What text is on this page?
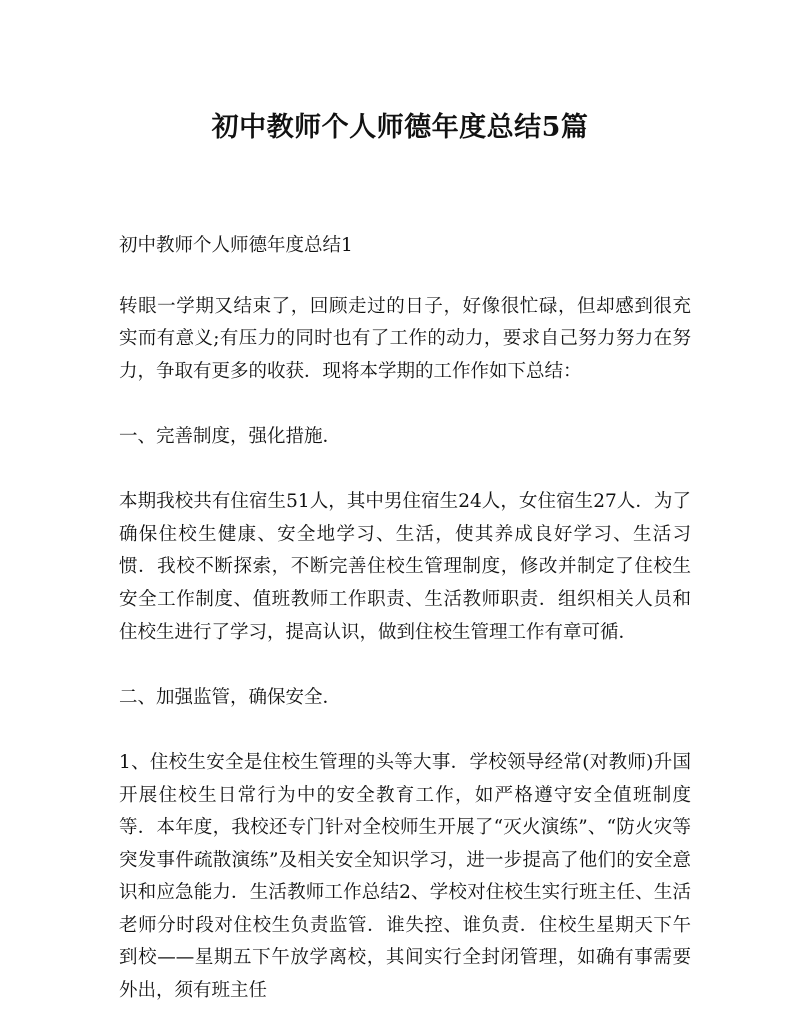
初中教师个人师德年度总结5篇

初中教师个人师德年度总结1

转眼一学期又结束了，回顾走过的日子，好像很忙碌，但却感到很充实而有意义;有压力的同时也有了工作的动力，要求自己努力努力在努力，争取有更多的收获．现将本学期的工作作如下总结：

一、完善制度，强化措施．

本期我校共有住宿生51人，其中男住宿生24人，女住宿生27人．为了确保住校生健康、安全地学习、生活，使其养成良好学习、生活习惯．我校不断探索，不断完善住校生管理制度，修改并制定了住校生安全工作制度、值班教师工作职责、生活教师职责．组织相关人员和住校生进行了学习，提高认识，做到住校生管理工作有章可循．

二、加强监管，确保安全．

1、住校生安全是住校生管理的头等大事．学校领导经常(对教师)升国开展住校生日常行为中的安全教育工作，如严格遵守安全值班制度等．本年度，我校还专门针对全校师生开展了“灭火演练”、“防火灾等突发事件疏散演练”及相关安全知识学习，进一步提高了他们的安全意识和应急能力．生活教师工作总结2、学校对住校生实行班主任、生活老师分时段对住校生负责监管．谁失控、谁负责．住校生星期天下午到校——星期五下午放学离校，其间实行全封闭管理，如确有事需要外出，须有班主任
